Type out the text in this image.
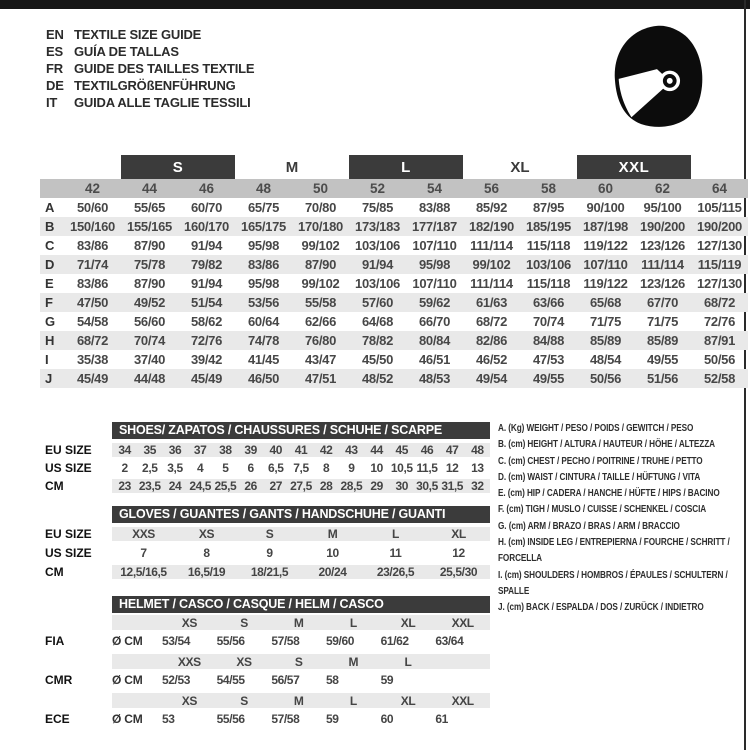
EN TEXTILE SIZE GUIDE
ES GUÍA DE TALLAS
FR GUIDE DES TAILLES TEXTILE
DE TEXTILGRÖßENFÜHRUNG
IT	GUIDA ALLE TAGLIE TESSILI
S	M	L	XL	XXL
42	44	46	48	50	52	54	56	58	60	62	64
A	50/60	55/65	60/70	65/75	70/80	75/85	83/88	85/92	87/95	90/100	95/100	105/115
B	150/160 155/165 160/170 165/175 170/180 173/183 177/187 182/190 185/195 187/198 190/200 190/200
C	83/86	87/90	91/94	95/98	99/102	103/106 107/110	111/114	115/118	119/122 123/126 127/130
D	71/74	75/78	79/82	83/86	87/90	91/94	95/98	99/102	103/106 107/110	111/114	115/119
E	83/86	87/90	91/94	95/98	99/102	103/106 107/110	111/114	115/118	119/122 123/126 127/130
F	47/50	49/52	51/54	53/56	55/58	57/60	59/62	61/63	63/66	65/68	67/70	68/72
G	54/58	56/60	58/62	60/64	62/66	64/68	66/70	68/72	70/74	71/75	71/75	72/76
H	68/72	70/74	72/76	74/78	76/80	78/82	80/84	82/86	84/88	85/89	85/89	87/91
I	35/38	37/40	39/42	41/45	43/47	45/50	46/51	46/52	47/53	48/54	49/55	50/56
J	45/49	44/48	45/49	46/50	47/51	48/52	48/53	49/54	49/55	50/56	51/56	52/58
SHOES/ ZAPATOS / CHAUSSURES / SCHUHE / SCARPE
EU SIZE	34	35	36	37	38	39	40	41	42	43	44	45	46	47	48
US SIZE	2	2,5 3,5	4	5	6	6,5 7,5	8	9	10 10,5 11,5 12	13
CM	23 23,5 24 24,5 25,5 26	27 27,5 28 28,5 29	30 30,5 31,5 32
GLOVES / GUANTES / GANTS / HANDSCHUHE / GUANTI
EU SIZE	XXS	XS	S	M	L	XL
US SIZE	7	8	9	10	11	12
CM	12,5/16,5	16,5/19	18/21,5	20/24	23/26,5	25,5/30
HELMET / CASCO / CASQUE / HELM / CASCO
XS	S	M	L	XL	XXL
FIA	Ø CM	53/54	55/56	57/58	59/60	61/62	63/64
XXS	XS	S	M	L
CMR	Ø CM	52/53	54/55	56/57	58	59
XS	S	M	L	XL	XXL
ECE	Ø CM	53	55/56	57/58	59	60	61
A. (Kg) WEIGHT / PESO / POIDS / GEWITCH / PESO
B. (cm) HEIGHT / ALTURA / HAUTEUR / HÖHE / ALTEZZA
C. (cm) CHEST / PECHO / POITRINE / TRUHE / PETTO
D. (cm) WAIST / CINTURA / TAILLE / HÜFTUNG / VITA
E. (cm) HIP / CADERA / HANCHE / HÜFTE / HIPS / BACINO
F. (cm) TIGH / MUSLO / CUISSE / SCHENKEL / COSCIA
G. (cm) ARM / BRAZO / BRAS / ARM / BRACCIO
H. (cm) INSIDE LEG / ENTREPIERNA / FOURCHE / SCHRITT / FORCELLA
I. (cm) SHOULDERS / HOMBROS / ÉPAULES / SCHULTERN / SPALLE
J. (cm) BACK / ESPALDA / DOS / ZURÜCK / INDIETRO
